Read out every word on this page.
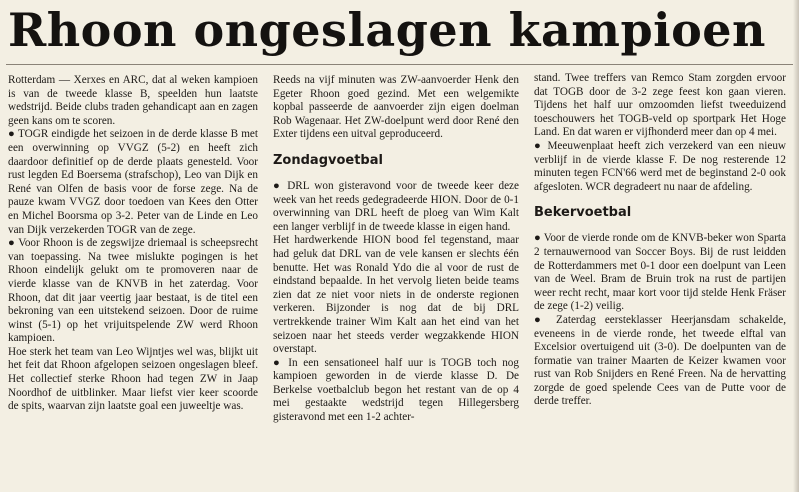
Rhoon ongeslagen kampioen

Rotterdam — Xerxes en ARC, dat al weken kampioen is van de tweede klasse B, speelden hun laatste wedstrijd. Beide clubs traden gehandicapt aan en zagen geen kans om te scoren.

● TOGR eindigde het seizoen in de derde klasse B met een overwinning op VVGZ (5-2) en heeft zich daardoor definitief op de derde plaats genesteld. Voor rust legden Ed Boersema (strafschop), Leo van Dijk en René van Olfen de basis voor de forse zege. Na de pauze kwam VVGZ door toedoen van Kees den Otter en Michel Boorsma op 3-2. Peter van de Linde en Leo van Dijk verzekerden TOGR van de zege.

● Voor Rhoon is de zegswijze driemaal is scheepsrecht van toepassing. Na twee mislukte pogingen is het Rhoon eindelijk gelukt om te promoveren naar de vierde klasse van de KNVB in het zaterdag. Voor Rhoon, dat dit jaar veertig jaar bestaat, is de titel een bekroning van een uitstekend seizoen. Door de ruime winst (5-1) op het vrijuitspelende ZW werd Rhoon kampioen.

Hoe sterk het team van Leo Wijntjes wel was, blijkt uit het feit dat Rhoon afgelopen seizoen ongeslagen bleef. Het collectief sterke Rhoon had tegen ZW in Jaap Noordhof de uitblinker. Maar liefst vier keer scoorde de spits, waarvan zijn laatste goal een juweeltje was.

Reeds na vijf minuten was ZW-aanvoerder Henk den Egeter Rhoon goed gezind. Met een welgemikte kopbal passeerde de aanvoerder zijn eigen doelman Rob Wagenaar. Het ZW-doelpunt werd door René den Exter tijdens een uitval geproduceerd.

Zondagvoetbal

● DRL won gisteravond voor de tweede keer deze week van het reeds gedegradeerde HION. Door de 0-1 overwinning van DRL heeft de ploeg van Wim Kalt een langer verblijf in de tweede klasse in eigen hand.

Het hardwerkende HION bood fel tegenstand, maar had geluk dat DRL van de vele kansen er slechts één benutte. Het was Ronald Ydo die al voor de rust de eindstand bepaalde. In het vervolg lieten beide teams zien dat ze niet voor niets in de onderste regionen verkeren. Bijzonder is nog dat de bij DRL vertrekkende trainer Wim Kalt aan het eind van het seizoen naar het steeds verder wegzakkende HION overstapt.

● In een sensationeel half uur is TOGB toch nog kampioen geworden in de vierde klasse D. De Berkelse voetbalclub begon het restant van de op 4 mei gestaakte wedstrijd tegen Hillegersberg gisteravond met een 1-2 achter-

stand. Twee treffers van Remco Stam zorgden ervoor dat TOGB door de 3-2 zege feest kon gaan vieren. Tijdens het half uur omzoomden liefst tweeduizend toeschouwers het TOGB-veld op sportpark Het Hoge Land. En dat waren er vijfhonderd meer dan op 4 mei.

● Meeuwenplaat heeft zich verzekerd van een nieuw verblijf in de vierde klasse F. De nog resterende 12 minuten tegen FCN'66 werd met de beginstand 2-0 ook afgesloten. WCR degradeert nu naar de afdeling.

Bekervoetbal

● Voor de vierde ronde om de KNVB-beker won Sparta 2 ternauwernood van Soccer Boys. Bij de rust leidden de Rotterdammers met 0-1 door een doelpunt van Leen van de Weel. Bram de Bruin trok na rust de partijen weer recht recht, maar kort voor tijd stelde Henk Fräser de zege (1-2) veilig.

● Zaterdag eersteklasser Heerjansdam schakelde, eveneens in de vierde ronde, het tweede elftal van Excelsior overtuigend uit (3-0). De doelpunten van de formatie van trainer Maarten de Keizer kwamen voor rust van Rob Snijders en René Freen. Na de hervatting zorgde de goed spelende Cees van de Putte voor de derde treffer.
